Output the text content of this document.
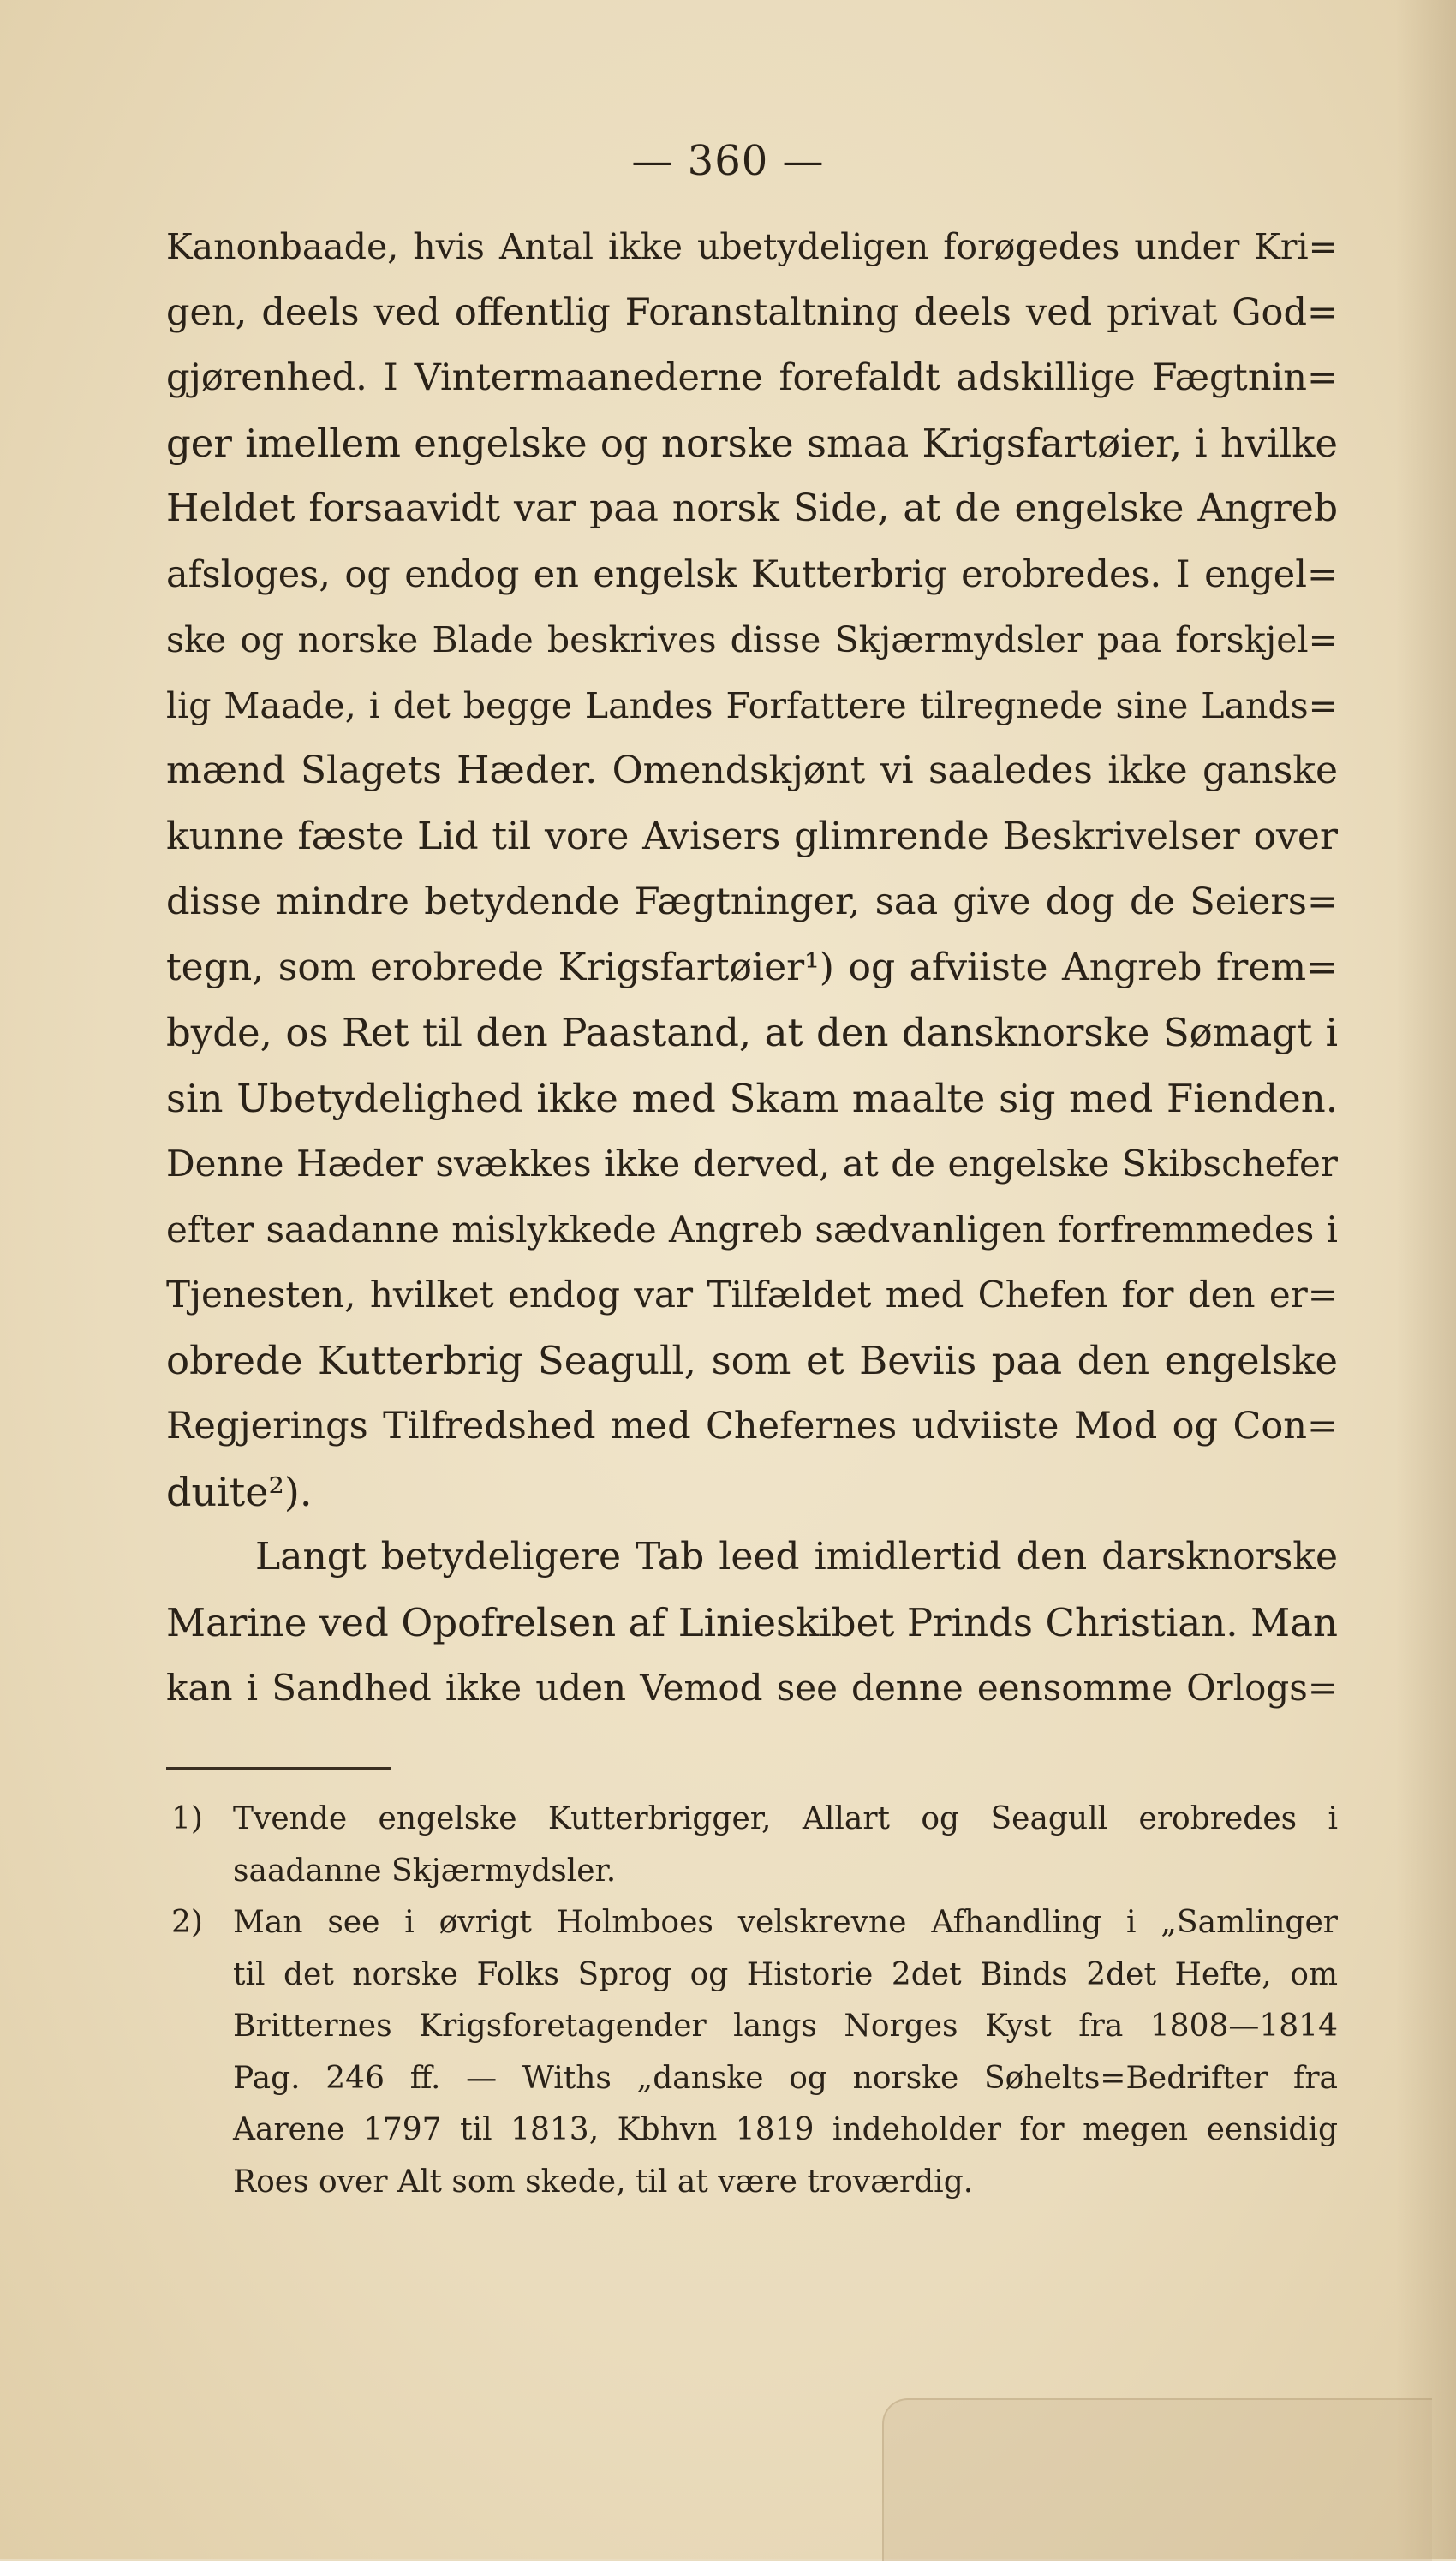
— 360 —
Kanonbaade, hvis Antal ikke ubetydeligen forøgedes under Kri=
gen, deels ved offentlig Foranstaltning deels ved privat God=
gjørenhed. I Vintermaanederne forefaldt adskillige Fægtnin=
ger imellem engelske og norske smaa Krigsfartøier, i hvilke
Heldet forsaavidt var paa norsk Side, at de engelske Angreb
afsloges, og endog en engelsk Kutterbrig erobredes. I engel=
ske og norske Blade beskrives disse Skjærmydsler paa forskjel=
lig Maade, i det begge Landes Forfattere tilregnede sine Lands=
mænd Slagets Hæder. Omendskjønt vi saaledes ikke ganske
kunne fæste Lid til vore Avisers glimrende Beskrivelser over
disse mindre betydende Fægtninger, saa give dog de Seiers=
tegn, som erobrede Krigsfartøier¹) og afviiste Angreb frem=
byde, os Ret til den Paastand, at den dansknorske Sømagt i
sin Ubetydelighed ikke med Skam maalte sig med Fienden.
Denne Hæder svækkes ikke derved, at de engelske Skibschefer
efter saadanne mislykkede Angreb sædvanligen forfremmedes i
Tjenesten, hvilket endog var Tilfældet med Chefen for den er=
obrede Kutterbrig Seagull, som et Beviis paa den engelske
Regjerings Tilfredshed med Chefernes udviiste Mod og Con=
duite²).
Langt betydeligere Tab leed imidlertid den darsknorske
Marine ved Opofrelsen af Linieskibet Prinds Christian. Man
kan i Sandhed ikke uden Vemod see denne eensomme Orlogs=
1) Tvende engelske Kutterbrigger, Allart og Seagull erobredes i
saadanne Skjærmydsler.
2) Man see i øvrigt Holmboes velskrevne Afhandling i „Samlinger
til det norske Folks Sprog og Historie 2det Binds 2det Hefte, om
Britternes Krigsforetagender langs Norges Kyst fra 1808—1814
Pag. 246 ff. — Withs „danske og norske Søhelts=Bedrifter fra
Aarene 1797 til 1813, Kbhvn 1819 indeholder for megen eensidig
Roes over Alt som skede, til at være troværdig.
